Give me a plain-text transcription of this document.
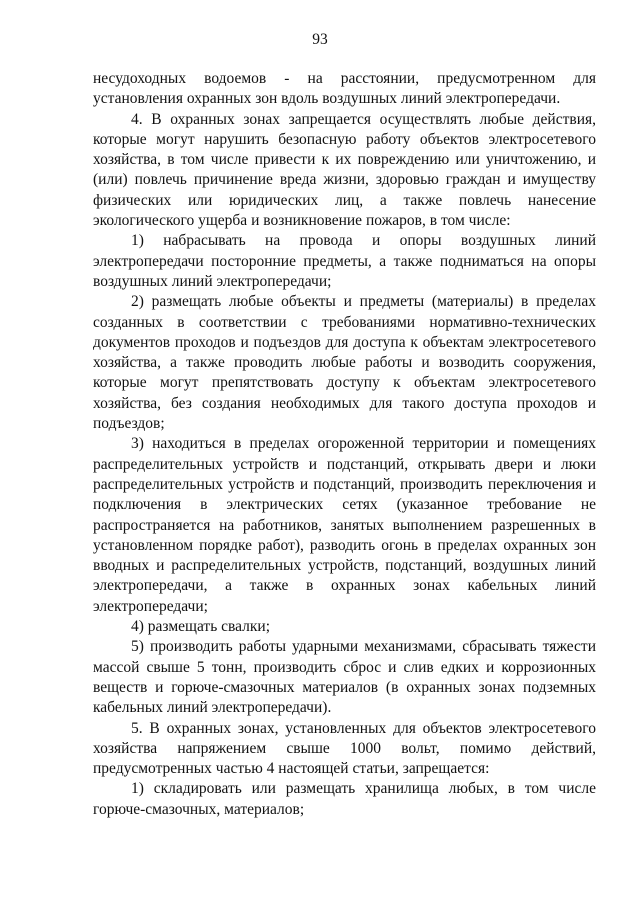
93

несудоходных водоемов - на расстоянии, предусмотренном для установления охранных зон вдоль воздушных линий электропередачи.

4. В охранных зонах запрещается осуществлять любые действия, которые могут нарушить безопасную работу объектов электросетевого хозяйства, в том числе привести к их повреждению или уничтожению, и (или) повлечь причинение вреда жизни, здоровью граждан и имуществу физических или юридических лиц, а также повлечь нанесение экологического ущерба и возникновение пожаров, в том числе:

1) набрасывать на провода и опоры воздушных линий электропередачи посторонние предметы, а также подниматься на опоры воздушных линий электропередачи;

2) размещать любые объекты и предметы (материалы) в пределах созданных в соответствии с требованиями нормативно-технических документов проходов и подъездов для доступа к объектам электросетевого хозяйства, а также проводить любые работы и возводить сооружения, которые могут препятствовать доступу к объектам электросетевого хозяйства, без создания необходимых для такого доступа проходов и подъездов;

3) находиться в пределах огороженной территории и помещениях распределительных устройств и подстанций, открывать двери и люки распределительных устройств и подстанций, производить переключения и подключения в электрических сетях (указанное требование не распространяется на работников, занятых выполнением разрешенных в установленном порядке работ), разводить огонь в пределах охранных зон вводных и распределительных устройств, подстанций, воздушных линий электропередачи, а также в охранных зонах кабельных линий электропередачи;

4) размещать свалки;

5) производить работы ударными механизмами, сбрасывать тяжести массой свыше 5 тонн, производить сброс и слив едких и коррозионных веществ и горюче-смазочных материалов (в охранных зонах подземных кабельных линий электропередачи).

5. В охранных зонах, установленных для объектов электросетевого хозяйства напряжением свыше 1000 вольт, помимо действий, предусмотренных частью 4 настоящей статьи, запрещается:

1) складировать или размещать хранилища любых, в том числе горюче-смазочных, материалов;
